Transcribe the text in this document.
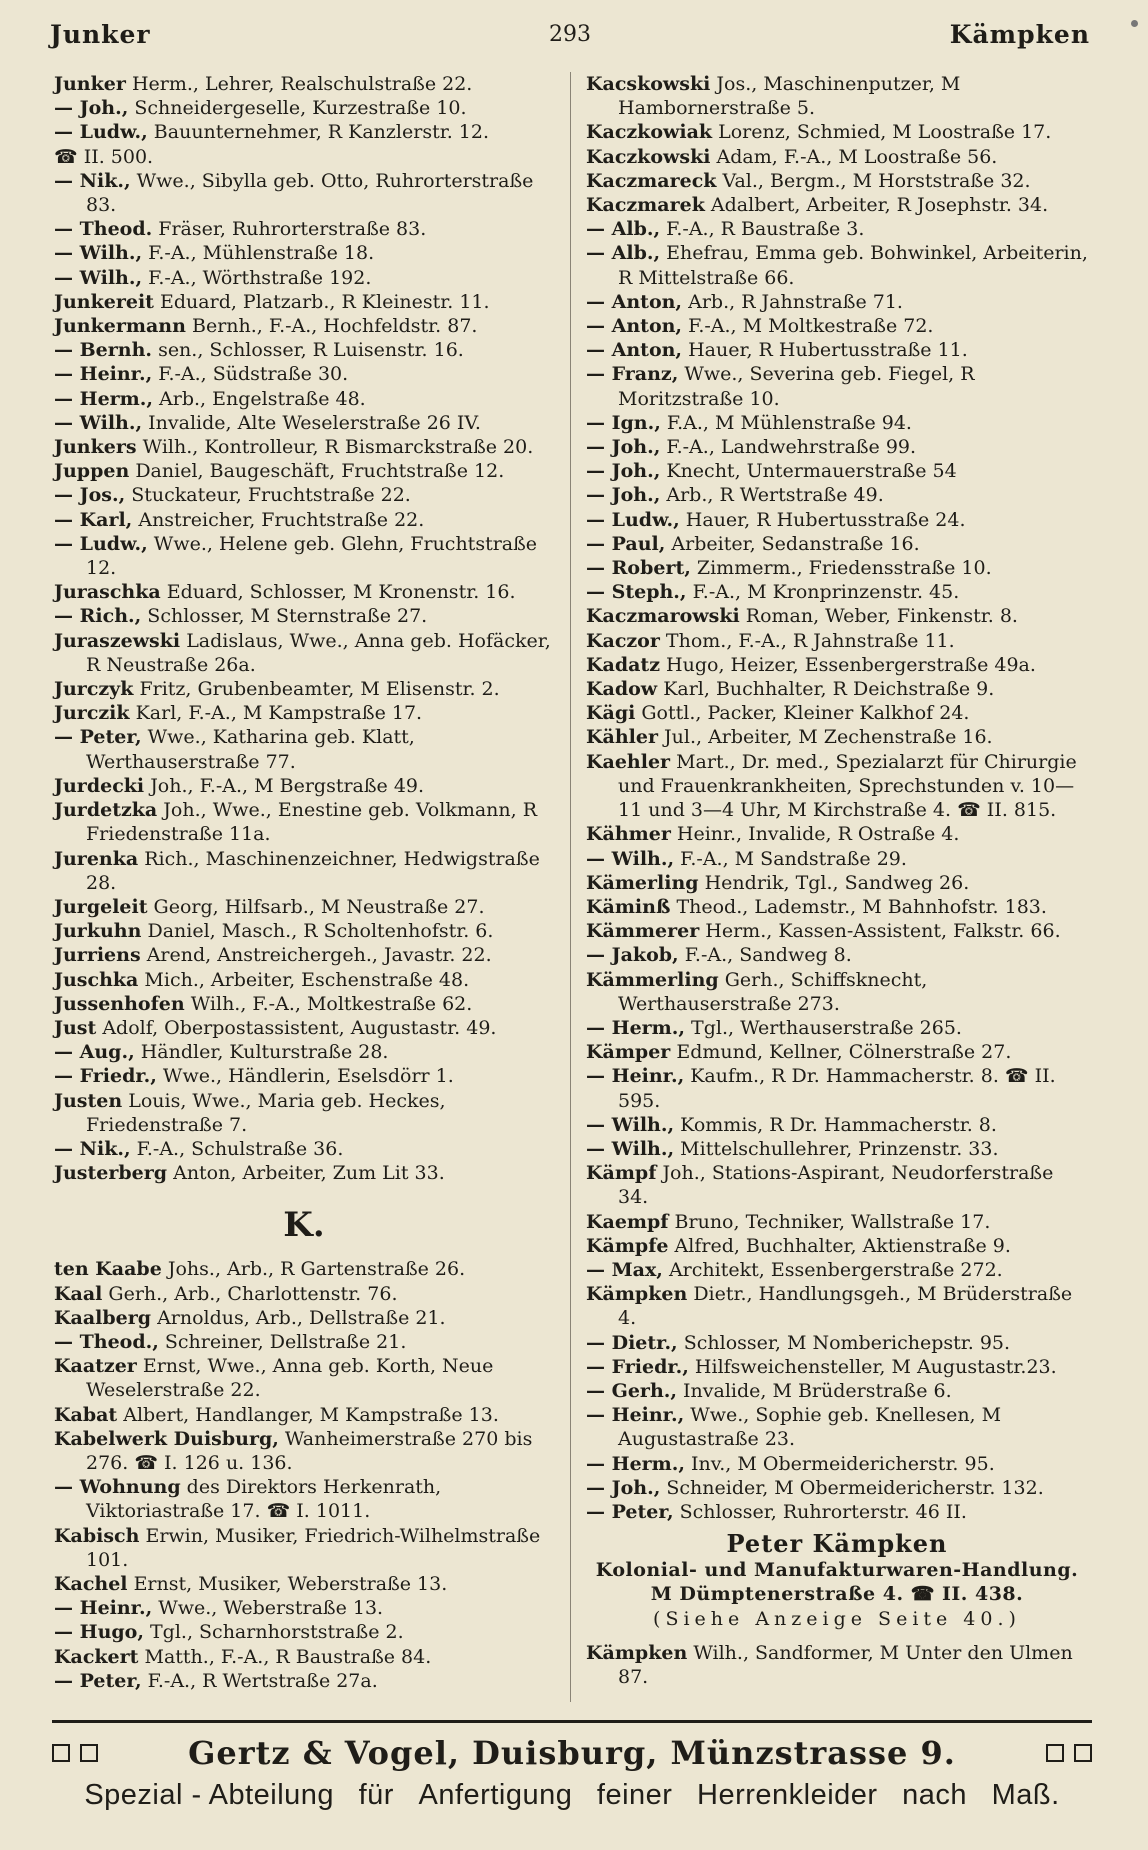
Junker	293	Kämpken

Junker Herm., Lehrer, Realschulstraße 22.

— Joh., Schneidergeselle, Kurzestraße 10.

— Ludw., Bauunternehmer, R Kanzlerstr. 12.

☎ II. 500.

— Nik., Wwe., Sibylla geb. Otto, Ruhrorterstraße 83.

— Theod. Fräser, Ruhrorterstraße 83.

— Wilh., F.-A., Mühlenstraße 18.

— Wilh., F.-A., Wörthstraße 192.

Junkereit Eduard, Platzarb., R Kleinestr. 11.

Junkermann Bernh., F.-A., Hochfeldstr. 87.

— Bernh. sen., Schlosser, R Luisenstr. 16.

— Heinr., F.-A., Südstraße 30.

— Herm., Arb., Engelstraße 48.

— Wilh., Invalide, Alte Weselerstraße 26 IV.

Junkers Wilh., Kontrolleur, R Bismarckstraße 20.

Juppen Daniel, Baugeschäft, Fruchtstraße 12.

— Jos., Stuckateur, Fruchtstraße 22.

— Karl, Anstreicher, Fruchtstraße 22.

— Ludw., Wwe., Helene geb. Glehn, Fruchtstraße 12.

Juraschka Eduard, Schlosser, M Kronenstr. 16.

— Rich., Schlosser, M Sternstraße 27.

Juraszewski Ladislaus, Wwe., Anna geb. Hofäcker, R Neustraße 26a.

Jurczyk Fritz, Grubenbeamter, M Elisenstr. 2.

Jurczik Karl, F.-A., M Kampstraße 17.

— Peter, Wwe., Katharina geb. Klatt, Werthauserstraße 77.

Jurdecki Joh., F.-A., M Bergstraße 49.

Jurdetzka Joh., Wwe., Enestine geb. Volkmann, R Friedenstraße 11a.

Jurenka Rich., Maschinenzeichner, Hedwigstraße 28.

Jurgeleit Georg, Hilfsarb., M Neustraße 27.

Jurkuhn Daniel, Masch., R Scholtenhofstr. 6.

Jurriens Arend, Anstreichergeh., Javastr. 22.

Juschka Mich., Arbeiter, Eschenstraße 48.

Jussenhofen Wilh., F.-A., Moltkestraße 62.

Just Adolf, Oberpostassistent, Augustastr. 49.

— Aug., Händler, Kulturstraße 28.

— Friedr., Wwe., Händlerin, Eselsdörr 1.

Justen Louis, Wwe., Maria geb. Heckes, Friedenstraße 7.

— Nik., F.-A., Schulstraße 36.

Justerberg Anton, Arbeiter, Zum Lit 33.

K.

ten Kaabe Johs., Arb., R Gartenstraße 26.

Kaal Gerh., Arb., Charlottenstr. 76.

Kaalberg Arnoldus, Arb., Dellstraße 21.

— Theod., Schreiner, Dellstraße 21.

Kaatzer Ernst, Wwe., Anna geb. Korth, Neue Weselerstraße 22.

Kabat Albert, Handlanger, M Kampstraße 13.

Kabelwerk Duisburg, Wanheimerstraße 270 bis 276. ☎ I. 126 u. 136.

— Wohnung des Direktors Herkenrath, Viktoriastraße 17. ☎ I. 1011.

Kabisch Erwin, Musiker, Friedrich-Wilhelmstraße 101.

Kachel Ernst, Musiker, Weberstraße 13.

— Heinr., Wwe., Weberstraße 13.

— Hugo, Tgl., Scharnhorststraße 2.

Kackert Matth., F.-A., R Baustraße 84.

— Peter, F.-A., R Wertstraße 27a.

Kacskowski Jos., Maschinenputzer, M Hambornerstraße 5.

Kaczkowiak Lorenz, Schmied, M Loostraße 17.

Kaczkowski Adam, F.-A., M Loostraße 56.

Kaczmareck Val., Bergm., M Horststraße 32.

Kaczmarek Adalbert, Arbeiter, R Josephstr. 34.

— Alb., F.-A., R Baustraße 3.

— Alb., Ehefrau, Emma geb. Bohwinkel, Arbeiterin, R Mittelstraße 66.

— Anton, Arb., R Jahnstraße 71.

— Anton, F.-A., M Moltkestraße 72.

— Anton, Hauer, R Hubertusstraße 11.

— Franz, Wwe., Severina geb. Fiegel, R Moritzstraße 10.

— Ign., F.A., M Mühlenstraße 94.

— Joh., F.-A., Landwehrstraße 99.

— Joh., Knecht, Untermauerstraße 54

— Joh., Arb., R Wertstraße 49.

— Ludw., Hauer, R Hubertusstraße 24.

— Paul, Arbeiter, Sedanstraße 16.

— Robert, Zimmerm., Friedensstraße 10.

— Steph., F.-A., M Kronprinzenstr. 45.

Kaczmarowski Roman, Weber, Finkenstr. 8.

Kaczor Thom., F.-A., R Jahnstraße 11.

Kadatz Hugo, Heizer, Essenbergerstraße 49a.

Kadow Karl, Buchhalter, R Deichstraße 9.

Kägi Gottl., Packer, Kleiner Kalkhof 24.

Kähler Jul., Arbeiter, M Zechenstraße 16.

Kaehler Mart., Dr. med., Spezialarzt für Chirurgie und Frauenkrankheiten, Sprechstunden v. 10—11 und 3—4 Uhr, M Kirchstraße 4. ☎ II. 815.

Kähmer Heinr., Invalide, R Ostraße 4.

— Wilh., F.-A., M Sandstraße 29.

Kämerling Hendrik, Tgl., Sandweg 26.

Käminß Theod., Lademstr., M Bahnhofstr. 183.

Kämmerer Herm., Kassen-Assistent, Falkstr. 66.

— Jakob, F.-A., Sandweg 8.

Kämmerling Gerh., Schiffsknecht, Werthauserstraße 273.

— Herm., Tgl., Werthauserstraße 265.

Kämper Edmund, Kellner, Cölnerstraße 27.

— Heinr., Kaufm., R Dr. Hammacherstr. 8. ☎ II. 595.

— Wilh., Kommis, R Dr. Hammacherstr. 8.

— Wilh., Mittelschullehrer, Prinzenstr. 33.

Kämpf Joh., Stations-Aspirant, Neudorferstraße 34.

Kaempf Bruno, Techniker, Wallstraße 17.

Kämpfe Alfred, Buchhalter, Aktienstraße 9.

— Max, Architekt, Essenbergerstraße 272.

Kämpken Dietr., Handlungsgeh., M Brüderstraße 4.

— Dietr., Schlosser, M Nomberichерstr. 95.

— Friedr., Hilfsweichensteller, M Augustastr.23.

— Gerh., Invalide, M Brüderstraße 6.

— Heinr., Wwe., Sophie geb. Knellesen, M Augustastraße 23.

— Herm., Inv., M Obermeidericherstr. 95.

— Joh., Schneider, M Obermeidericherstr. 132.

— Peter, Schlosser, Ruhrorterstr. 46 II.

Peter Kämpken
Kolonial- und Manufakturwaren-Handlung.
M Dümptenerstraße 4. ☎ II. 438.
(Siehe Anzeige Seite 40.)

Kämpken Wilh., Sandformer, M Unter den Ulmen 87.

Gertz & Vogel, Duisburg, Münzstrasse 9.
Spezial - Abteilung für Anfertigung feiner Herrenkleider nach Maß.
